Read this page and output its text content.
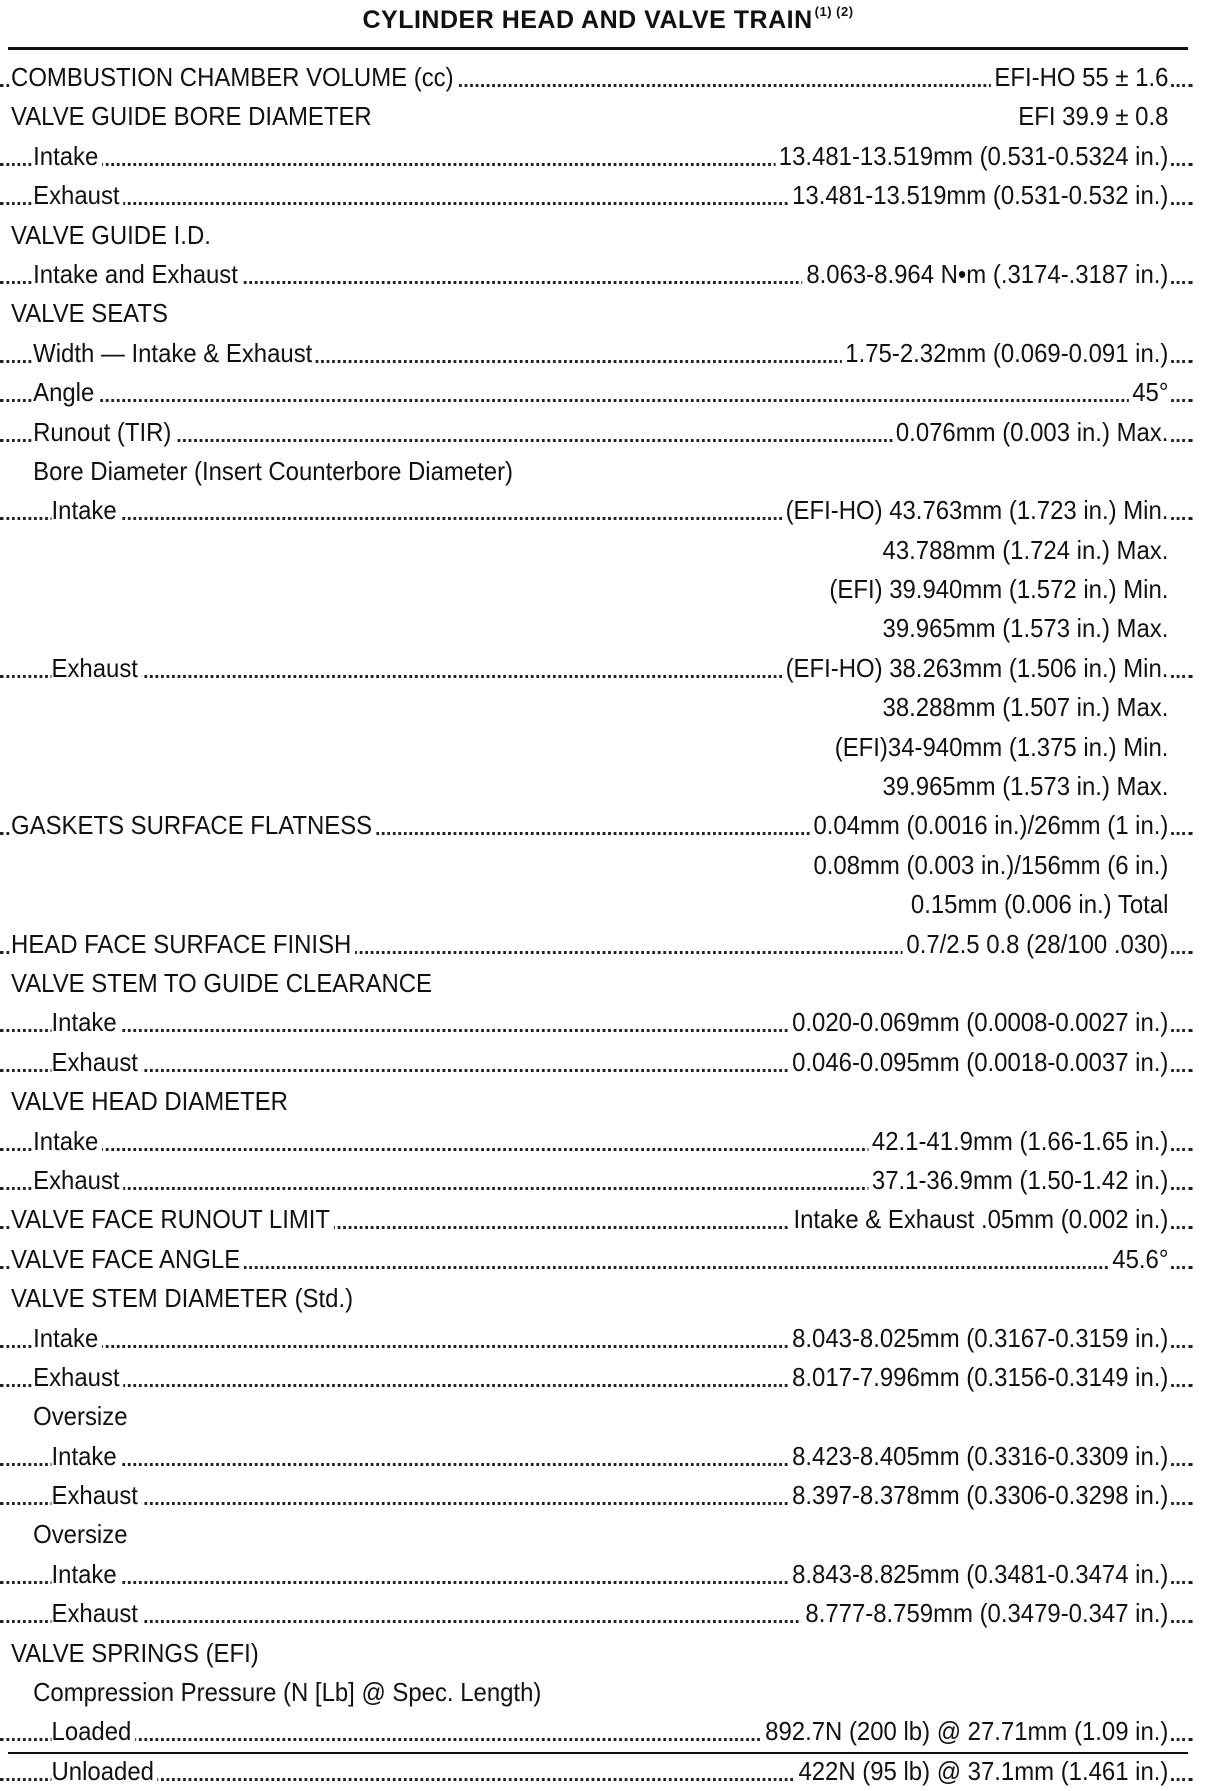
CYLINDER HEAD AND VALVE TRAIN $^{(1) (2)}$
COMBUSTION CHAMBER VOLUME (cc)	EFI-HO 55 ± 1.6
VALVE GUIDE BORE DIAMETER	EFI 39.9 ± 0.8
Intake	13.481-13.519mm (0.531-0.5324 in.)
Exhaust	13.481-13.519mm (0.531-0.532 in.)
VALVE GUIDE I.D.
Intake and Exhaust	8.063-8.964 N•m (.3174-.3187 in.)
VALVE SEATS
Width — Intake & Exhaust	1.75-2.32mm (0.069-0.091 in.)
Angle	45°
Runout (TIR)	0.076mm (0.003 in.) Max.
Bore Diameter (Insert Counterbore Diameter)
Intake	(EFI-HO) 43.763mm (1.723 in.) Min.
43.788mm (1.724 in.) Max.
(EFI) 39.940mm (1.572 in.) Min.
39.965mm (1.573 in.) Max.
Exhaust	(EFI-HO) 38.263mm (1.506 in.) Min.
38.288mm (1.507 in.) Max.
(EFI)34-940mm (1.375 in.) Min.
39.965mm (1.573 in.) Max.
GASKETS SURFACE FLATNESS	0.04mm (0.0016 in.)/26mm (1 in.)
0.08mm (0.003 in.)/156mm (6 in.)
0.15mm (0.006 in.) Total
HEAD FACE SURFACE FINISH	0.7/2.5 0.8 (28/100 .030)
VALVE STEM TO GUIDE CLEARANCE
Intake	0.020-0.069mm (0.0008-0.0027 in.)
Exhaust	0.046-0.095mm (0.0018-0.0037 in.)
VALVE HEAD DIAMETER
Intake	42.1-41.9mm (1.66-1.65 in.)
Exhaust	37.1-36.9mm (1.50-1.42 in.)
VALVE FACE RUNOUT LIMIT	Intake & Exhaust .05mm (0.002 in.)
VALVE FACE ANGLE	45.6°
VALVE STEM DIAMETER (Std.)
Intake	8.043-8.025mm (0.3167-0.3159 in.)
Exhaust	8.017-7.996mm (0.3156-0.3149 in.)
Oversize
Intake	8.423-8.405mm (0.3316-0.3309 in.)
Exhaust	8.397-8.378mm (0.3306-0.3298 in.)
Oversize
Intake	8.843-8.825mm (0.3481-0.3474 in.)
Exhaust	8.777-8.759mm (0.3479-0.347 in.)
VALVE SPRINGS (EFI)
Compression Pressure (N [Lb] @ Spec. Length)
Loaded	892.7N (200 lb) @ 27.71mm (1.09 in.)
Unloaded	422N (95 lb) @ 37.1mm (1.461 in.)
